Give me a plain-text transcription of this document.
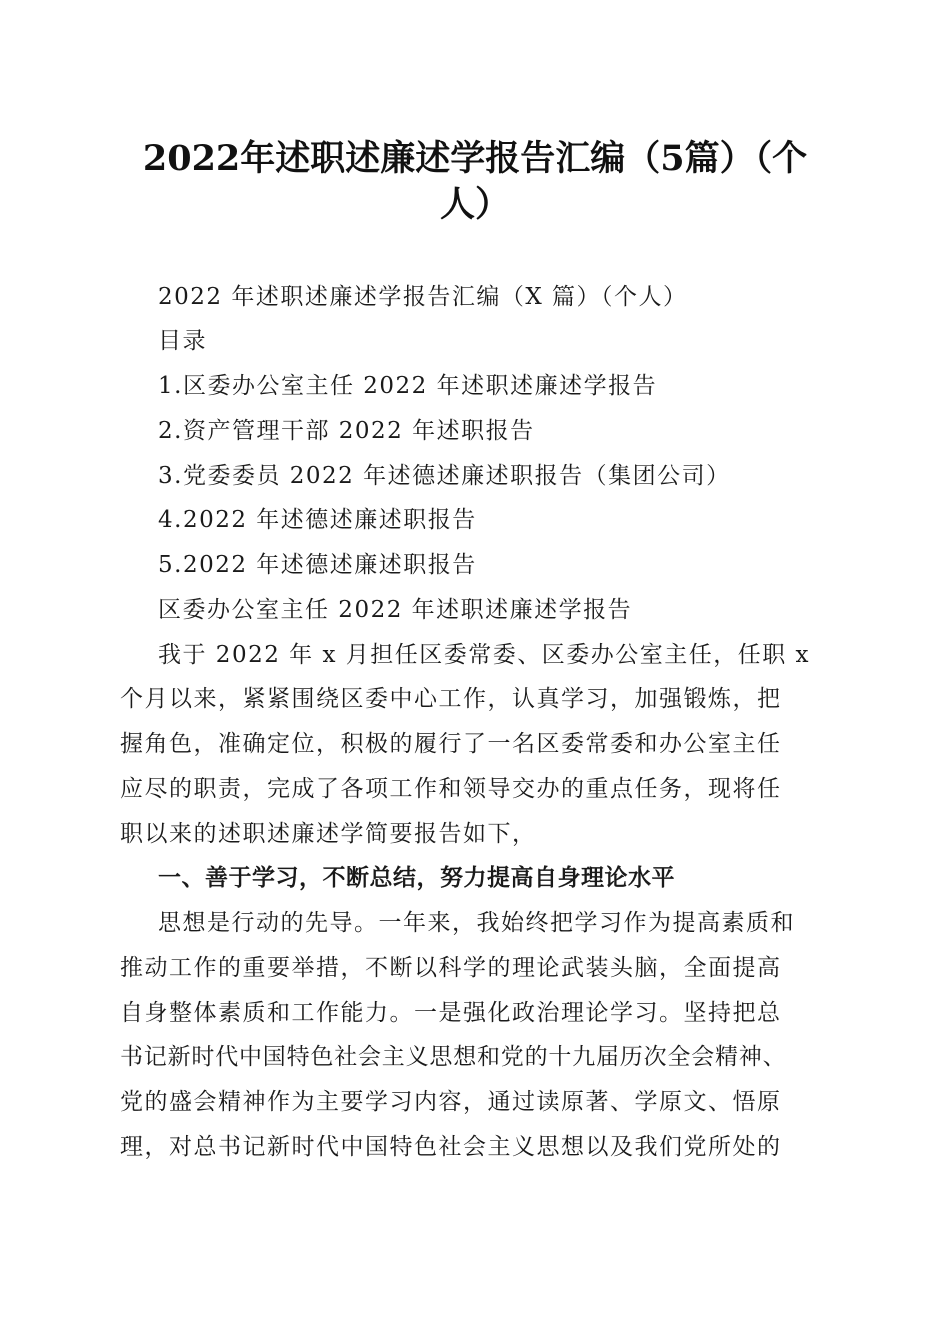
2022年述职述廉述学报告汇编（5篇）（个
人）

2022 年述职述廉述学报告汇编（X 篇）（个人）

目录

1.区委办公室主任 2022 年述职述廉述学报告

2.资产管理干部 2022 年述职报告

3.党委委员 2022 年述德述廉述职报告（集团公司）

4.2022 年述德述廉述职报告

5.2022 年述德述廉述职报告

区委办公室主任 2022 年述职述廉述学报告

我于 2022 年 x 月担任区委常委、区委办公室主任，任职 x

个月以来，紧紧围绕区委中心工作，认真学习，加强锻炼，把

握角色，准确定位，积极的履行了一名区委常委和办公室主任

应尽的职责，完成了各项工作和领导交办的重点任务，现将任

职以来的述职述廉述学简要报告如下，

一、善于学习，不断总结，努力提高自身理论水平

思想是行动的先导。一年来，我始终把学习作为提高素质和

推动工作的重要举措，不断以科学的理论武装头脑，全面提高

自身整体素质和工作能力。一是强化政治理论学习。坚持把总

书记新时代中国特色社会主义思想和党的十九届历次全会精神、

党的盛会精神作为主要学习内容，通过读原著、学原文、悟原

理，对总书记新时代中国特色社会主义思想以及我们党所处的
